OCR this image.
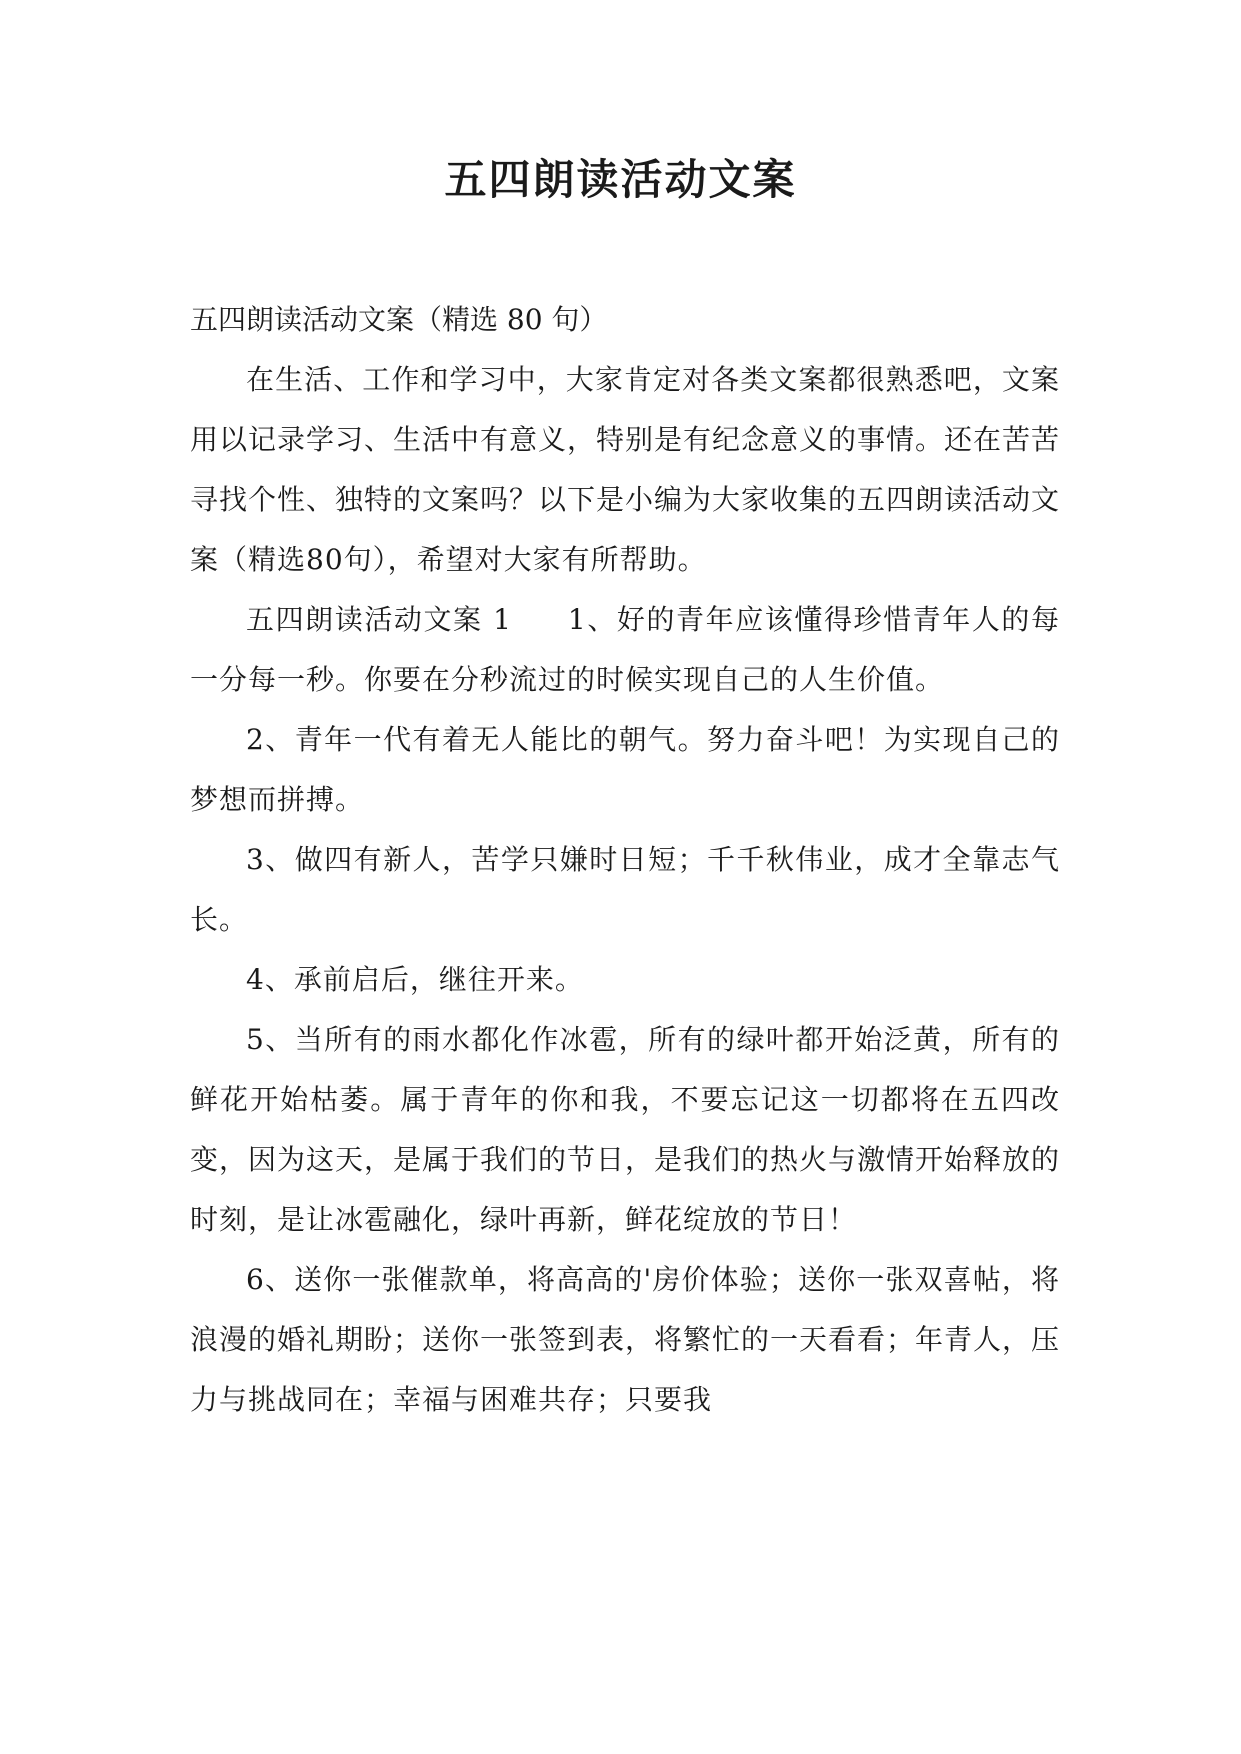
五四朗读活动文案

五四朗读活动文案（精选 80 句）

在生活、工作和学习中，大家肯定对各类文案都很熟悉吧，文案用以记录学习、生活中有意义，特别是有纪念意义的事情。还在苦苦寻找个性、独特的文案吗？以下是小编为大家收集的五四朗读活动文案（精选80句），希望对大家有所帮助。

五四朗读活动文案 1 1、好的青年应该懂得珍惜青年人的每一分每一秒。你要在分秒流过的时候实现自己的人生价值。

2、青年一代有着无人能比的朝气。努力奋斗吧！为实现自己的梦想而拼搏。

3、做四有新人，苦学只嫌时日短；千千秋伟业，成才全靠志气长。

4、承前启后，继往开来。

5、当所有的雨水都化作冰雹，所有的绿叶都开始泛黄，所有的鲜花开始枯萎。属于青年的你和我，不要忘记这一切都将在五四改变，因为这天，是属于我们的节日，是我们的热火与激情开始释放的时刻，是让冰雹融化，绿叶再新，鲜花绽放的节日！

6、送你一张催款单，将高高的'房价体验；送你一张双喜帖，将浪漫的婚礼期盼；送你一张签到表，将繁忙的一天看看；年青人，压力与挑战同在；幸福与困难共存；只要我
